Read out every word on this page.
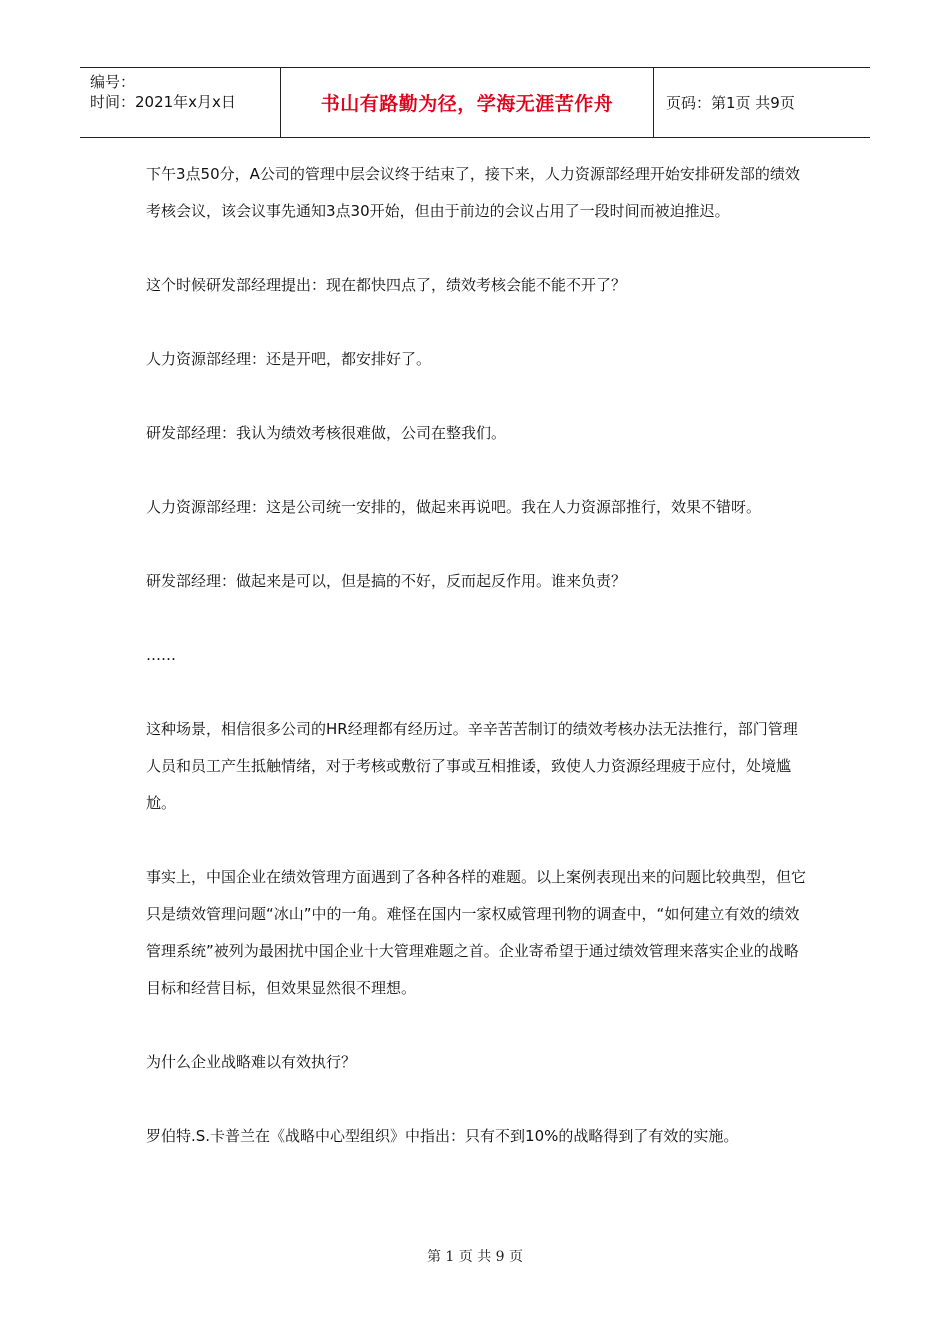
编号：
时间：2021年x月x日	书山有路勤为径，学海无涯苦作舟	页码：第1页 共9页

下午3点50分，A公司的管理中层会议终于结束了，接下来，人力资源部经理开始安排研发部的绩效考核会议，该会议事先通知3点30开始，但由于前边的会议占用了一段时间而被迫推迟。

这个时候研发部经理提出：现在都快四点了，绩效考核会能不能不开了？

人力资源部经理：还是开吧，都安排好了。

研发部经理：我认为绩效考核很难做，公司在整我们。

人力资源部经理：这是公司统一安排的，做起来再说吧。我在人力资源部推行，效果不错呀。

研发部经理：做起来是可以，但是搞的不好，反而起反作用。谁来负责？

……

这种场景，相信很多公司的HR经理都有经历过。辛辛苦苦制订的绩效考核办法无法推行，部门管理人员和员工产生抵触情绪，对于考核或敷衍了事或互相推诿，致使人力资源经理疲于应付，处境尴尬。

事实上，中国企业在绩效管理方面遇到了各种各样的难题。以上案例表现出来的问题比较典型，但它只是绩效管理问题“冰山”中的一角。难怪在国内一家权威管理刊物的调查中，“如何建立有效的绩效管理系统”被列为最困扰中国企业十大管理难题之首。企业寄希望于通过绩效管理来落实企业的战略目标和经营目标，但效果显然很不理想。

为什么企业战略难以有效执行？

罗伯特.S.卡普兰在《战略中心型组织》中指出：只有不到10%的战略得到了有效的实施。

第 1 页 共 9 页
